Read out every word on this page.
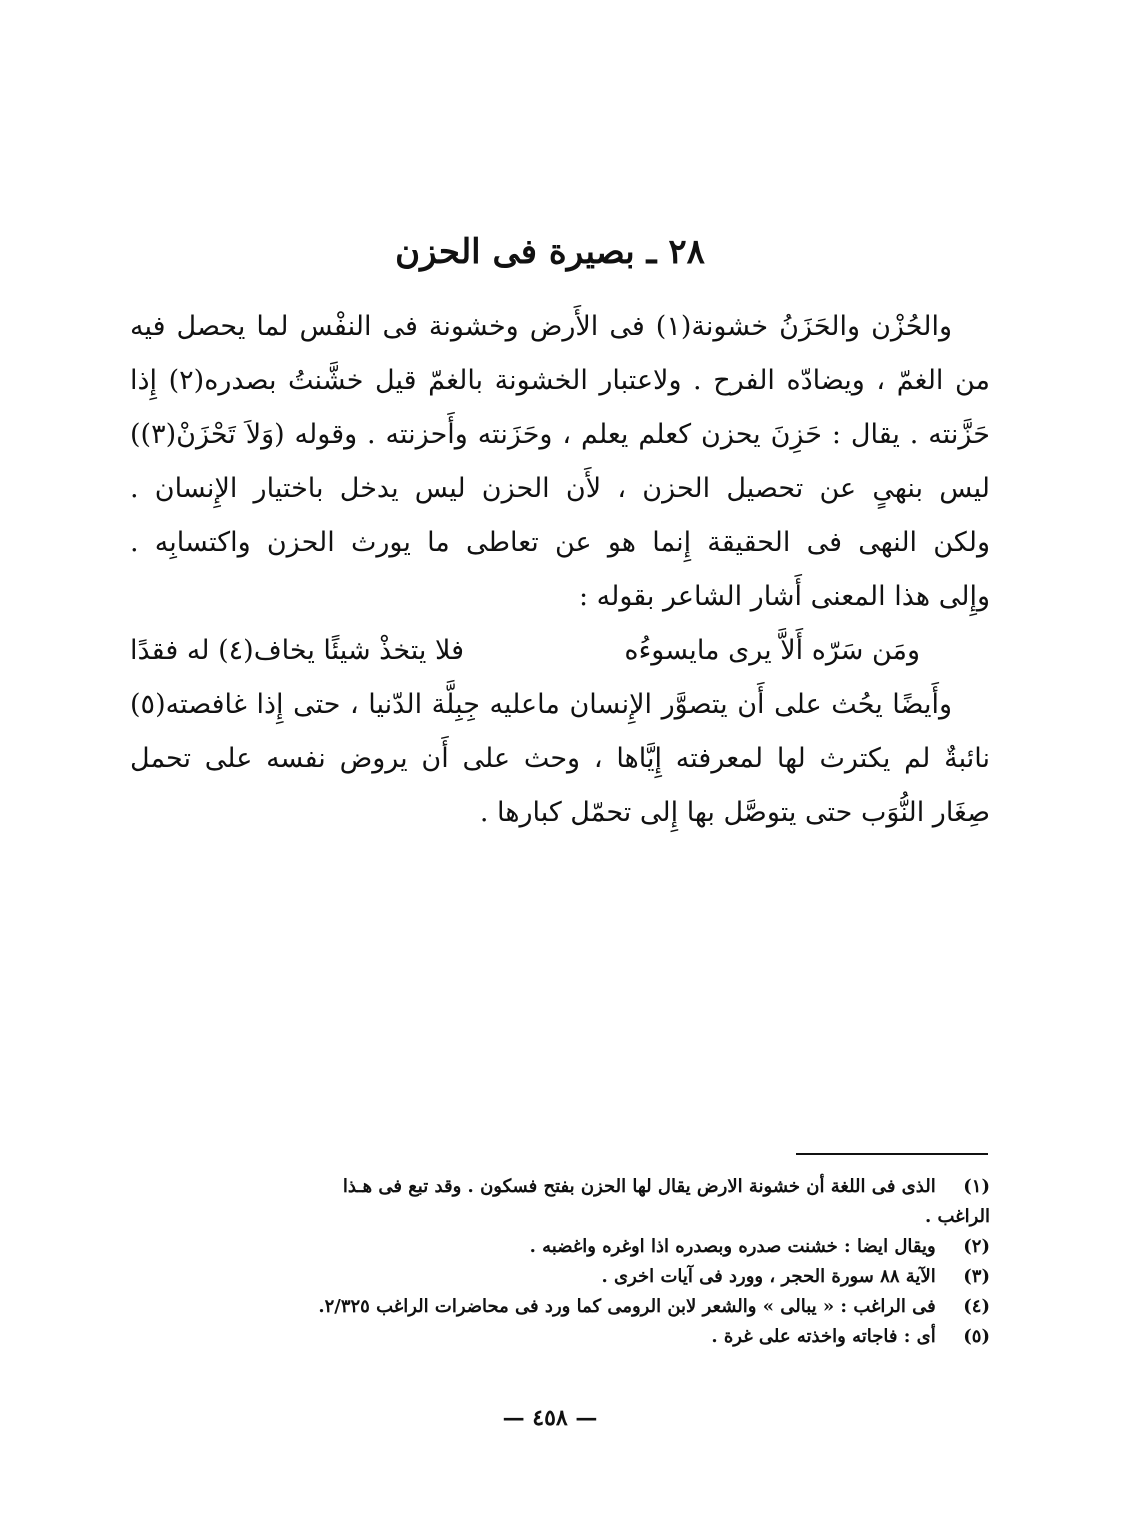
٢٨ ـ بصيرة فى الحزن
والحُزْن والحَزَنُ خشونة(١) فى الأَرض وخشونة فى النفْس لما يحصل فيه
من الغمّ ، ويضادّه الفرح . ولاعتبار الخشونة بالغمّ قيل خشَّنتُ بصدره(٢) إِذا
حَزَّنته . يقال : حَزِنَ يحزن كعلم يعلم ، وحَزَنته وأَحزنته . وقوله (وَلاَ تَحْزَنْ(٣))
ليس بنهىٍ عن تحصيل الحزن ، لأَن الحزن ليس يدخل باختيار الإِنسان .
ولكن النهى فى الحقيقة إِنما هو عن تعاطى ما يورث الحزن واكتسابِه .
وإِلى هذا المعنى أَشار الشاعر بقوله :
ومَن سَرّه أَلاَّ يرى مايسوءُه
فلا يتخذْ شيئًا يخاف(٤) له فقدًا
وأَيضًا يحُث على أَن يتصوَّر الإِنسان ماعليه جِبِلَّة الدّنيا ، حتى إِذا غافصته(٥)
نائبةٌ لم يكترث لها لمعرفته إِيَّاها ، وحث على أَن يروض نفسه على تحمل
صِغَار النُّوَب حتى يتوصَّل بها إِلى تحمّل كبارها .
(١) الذى فى اللغة أن خشونة الارض يقال لها الحزن بفتح فسكون . وقد تبع فى هـذا
الراغب .
(٢) ويقال ايضا : خشنت صدره وبصدره اذا اوغره واغضبه .
(٣) الآية ٨٨ سورة الحجر ، وورد فى آيات اخرى .
(٤) فى الراغب : « يبالى » والشعر لابن الرومى كما ورد فى محاضرات الراغب ٢/٣٢٥.
(٥) أى : فاجاته واخذته على غرة .
— ٤٥٨ —
